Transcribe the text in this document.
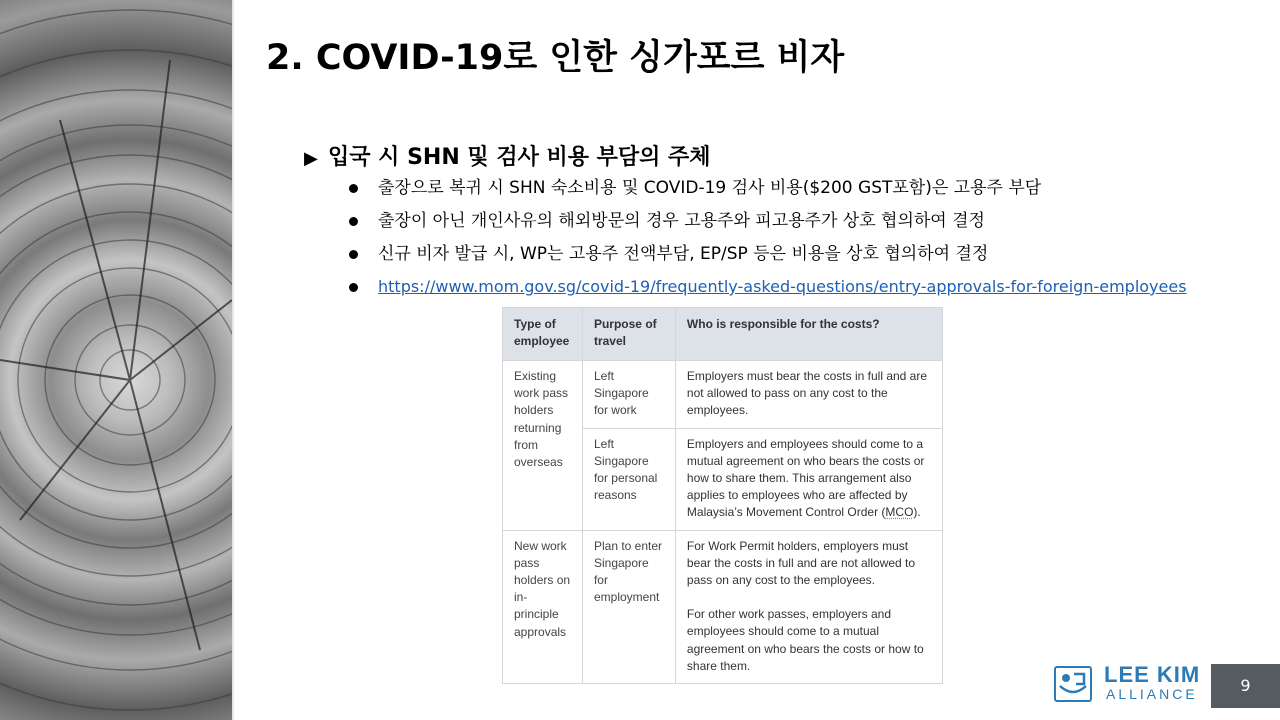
2. COVID-19로 인한 싱가포르 비자
▶ 입국 시 SHN 및 검사 비용 부담의 주체
출장으로 복귀 시 SHN 숙소비용 및 COVID-19 검사 비용($200 GST포함)은 고용주 부담
출장이 아닌 개인사유의 해외방문의 경우 고용주와 피고용주가 상호 협의하여 결정
신규 비자 발급 시, WP는 고용주 전액부담, EP/SP 등은 비용을 상호 협의하여 결정
https://www.mom.gov.sg/covid-19/frequently-asked-questions/entry-approvals-for-foreign-employees
Type of employee	Purpose of travel	Who is responsible for the costs?
Existing work pass holders returning from overseas	Left Singapore for work	Employers must bear the costs in full and are not allowed to pass on any cost to the employees.
	Left Singapore for personal reasons	Employers and employees should come to a mutual agreement on who bears the costs or how to share them. This arrangement also applies to employees who are affected by Malaysia’s Movement Control Order (MCO).
New work pass holders on in-principle approvals	Plan to enter Singapore for employment	For Work Permit holders, employers must bear the costs in full and are not allowed to pass on any cost to the employees.
For other work passes, employers and employees should come to a mutual agreement on who bears the costs or how to share them.	LEE KIM
ALLIANCE	9
